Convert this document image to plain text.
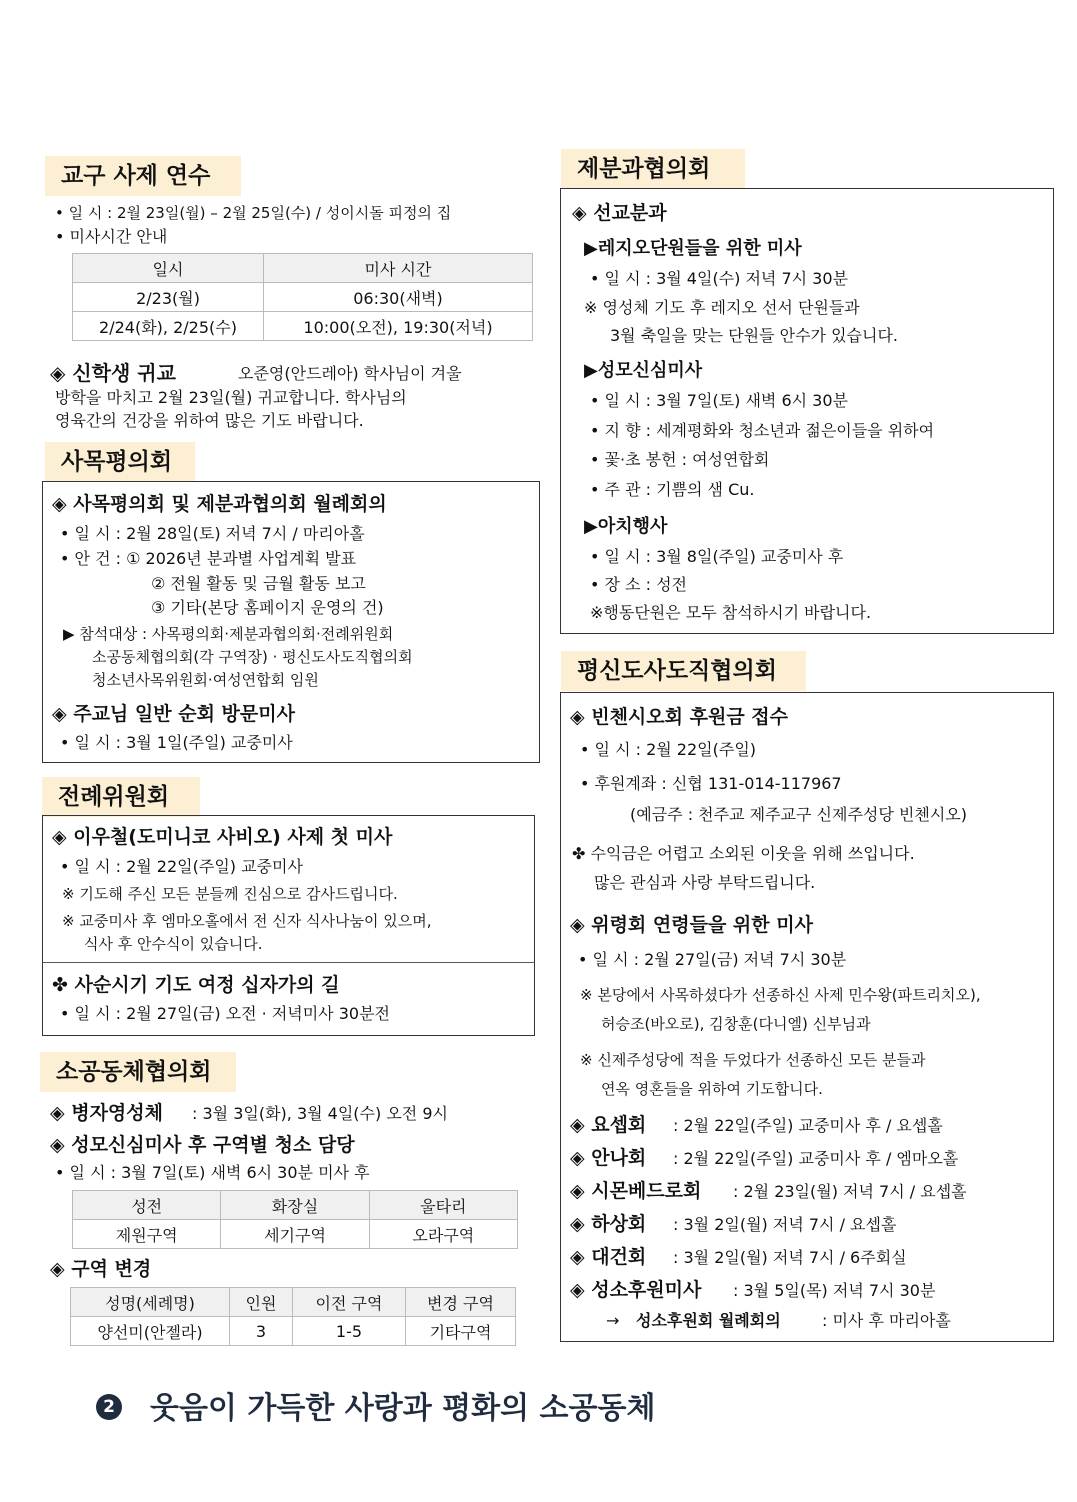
교구 사제 연수
• 일 시 : 2월 23일(월) – 2월 25일(수) / 성이시돌 피정의 집
• 미사시간 안내
일시	미사 시간
2/23(월)	06:30(새벽)
2/24(화), 2/25(수)	10:00(오전), 19:30(저녁)
◈ 신학생 귀교	오준영(안드레아) 학사님이 겨울
방학을 마치고 2월 23일(월) 귀교합니다. 학사님의
영육간의 건강을 위하여 많은 기도 바랍니다.
사목평의회
◈ 사목평의회 및 제분과협의회 월례회의
• 일 시 : 2월 28일(토) 저녁 7시 / 마리아홀
• 안 건 : ① 2026년 분과별 사업계획 발표
② 전월 활동 및 금월 활동 보고
③ 기타(본당 홈페이지 운영의 건)
▶ 참석대상 : 사목평의회·제분과협의회·전례위원회
소공동체협의회(각 구역장) · 평신도사도직협의회
청소년사목위원회·여성연합회 임원
◈ 주교님 일반 순회 방문미사
• 일 시 : 3월 1일(주일) 교중미사
전례위원회
◈ 이우철(도미니코 사비오) 사제 첫 미사
• 일 시 : 2월 22일(주일) 교중미사
※ 기도해 주신 모든 분들께 진심으로 감사드립니다.
※ 교중미사 후 엠마오홀에서 전 신자 식사나눔이 있으며,
식사 후 안수식이 있습니다.
✤ 사순시기 기도 여정 십자가의 길
• 일 시 : 2월 27일(금) 오전 · 저녁미사 30분전
소공동체협의회
◈ 병자영성체 : 3월 3일(화), 3월 4일(수) 오전 9시
◈ 성모신심미사 후 구역별 청소 담당
• 일 시 : 3월 7일(토) 새벽 6시 30분 미사 후
성전	화장실	울타리
제원구역	세기구역	오라구역
◈ 구역 변경
성명(세례명)	인원	이전 구역	변경 구역
양선미(안젤라)	3	1-5	기타구역
제분과협의회
◈ 선교분과
▶레지오단원들을 위한 미사
• 일 시 : 3월 4일(수) 저녁 7시 30분
※ 영성체 기도 후 레지오 선서 단원들과
3월 축일을 맞는 단원들 안수가 있습니다.
▶성모신심미사
• 일 시 : 3월 7일(토) 새벽 6시 30분
• 지 향 : 세계평화와 청소년과 젊은이들을 위하여
• 꽃·초 봉헌 : 여성연합회
• 주 관 : 기쁨의 샘 Cu.
▶아치행사
• 일 시 : 3월 8일(주일) 교중미사 후
• 장 소 : 성전
※행동단원은 모두 참석하시기 바랍니다.
평신도사도직협의회
◈ 빈첸시오회 후원금 접수
• 일 시 : 2월 22일(주일)
• 후원계좌 : 신협 131-014-117967
(예금주 : 천주교 제주교구 신제주성당 빈첸시오)
✤ 수익금은 어렵고 소외된 이웃을 위해 쓰입니다.
많은 관심과 사랑 부탁드립니다.
◈ 위령회 연령들을 위한 미사
• 일 시 : 2월 27일(금) 저녁 7시 30분
※ 본당에서 사목하셨다가 선종하신 사제 민수왕(파트리치오),
허승조(바오로), 김창훈(다니엘) 신부님과
※ 신제주성당에 적을 두었다가 선종하신 모든 분들과
연옥 영혼들을 위하여 기도합니다.
◈ 요셉회 : 2월 22일(주일) 교중미사 후 / 요셉홀
◈ 안나회 : 2월 22일(주일) 교중미사 후 / 엠마오홀
◈ 시몬베드로회 : 2월 23일(월) 저녁 7시 / 요셉홀
◈ 하상회 : 3월 2일(월) 저녁 7시 / 요셉홀
◈ 대건회 : 3월 2일(월) 저녁 7시 / 6주회실
◈ 성소후원미사 : 3월 5일(목) 저녁 7시 30분
→ 성소후원회 월례회의	: 미사 후 마리아홀
2 웃음이 가득한 사랑과 평화의 소공동체
